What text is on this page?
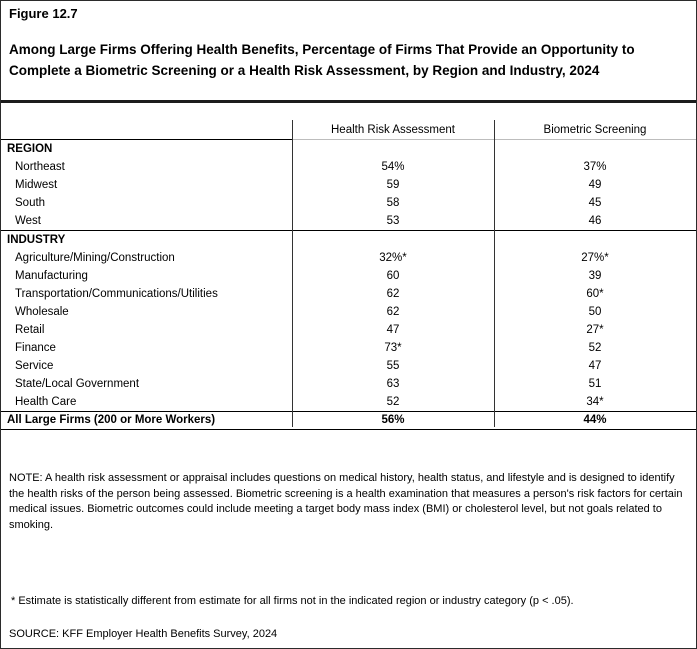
Figure 12.7
Among Large Firms Offering Health Benefits, Percentage of Firms That Provide an Opportunity to Complete a Biometric Screening or a Health Risk Assessment, by Region and Industry, 2024
Health Risk Assessment	Biometric Screening
REGION
Northeast	54%	37%
Midwest	59	49
South	58	45
West	53	46
INDUSTRY
Agriculture/Mining/Construction	32%*	27%*
Manufacturing	60	39
Transportation/Communications/Utilities	62	60*
Wholesale	62	50
Retail	47	27*
Finance	73*	52
Service	55	47
State/Local Government	63	51
Health Care	52	34*
All Large Firms (200 or More Workers)	56%	44%
NOTE: A health risk assessment or appraisal includes questions on medical history, health status, and lifestyle and is designed to identify the health risks of the person being assessed. Biometric screening is a health examination that measures a person's risk factors for certain medical issues. Biometric outcomes could include meeting a target body mass index (BMI) or cholesterol level, but not goals related to smoking.
* Estimate is statistically different from estimate for all firms not in the indicated region or industry category (p < .05).
SOURCE: KFF Employer Health Benefits Survey, 2024
